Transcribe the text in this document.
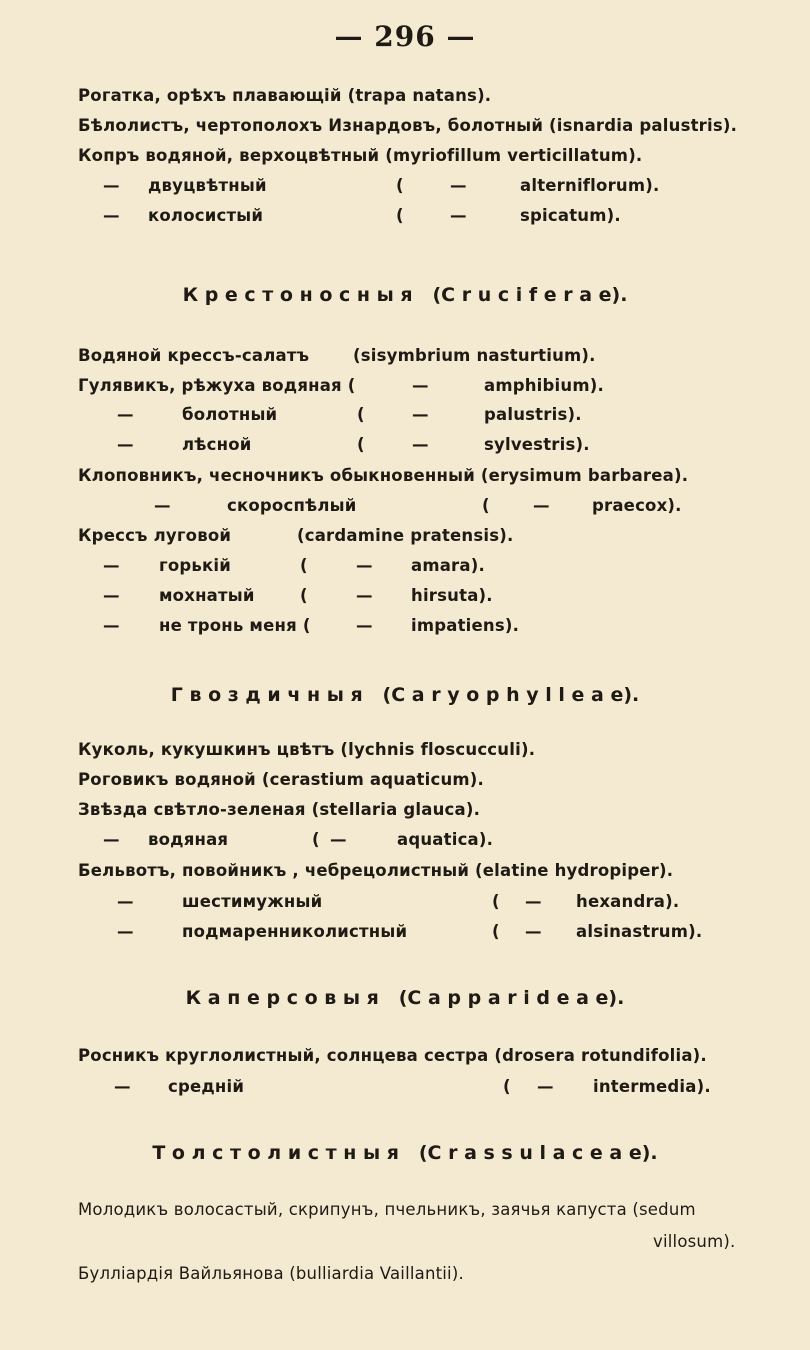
— 296 —
Рогатка, орѣхъ плавающій (trapa natans).
Бѣлолистъ, чертополохъ Изнардовъ, болотный (isnardia palustris).
Копръ водяной, верхоцвѣтный (myriofillum verticillatum).
— двуцвѣтный	(	—	alterniflorum).
— колосистый	(	—	spicatum).
К р е с т о н о с н ы я   (C r u c i f e r a e).
Водяной крессъ-салатъ	(sisymbrium nasturtium).
Гулявикъ, рѣжуха водяная (	—	amphibium).
—	болотный	(	—	palustris).
—	лѣсной	(	—	sylvestris).
Клоповникъ, чесночникъ обыкновенный (erysimum barbarea).
—	скороспѣлый	(	—	praecox).
Крессъ луговой	(cardamine pratensis).
— горькій	(	— amara).
— мохнатый	(	— hirsuta).
— не тронь меня (	— impatiens).
Г в о з д и ч н ы я   (C a r y o p h y l l e a e).
Куколь, кукушкинъ цвѣтъ (lychnis floscucculi).
Роговикъ водяной (cerastium aquaticum).
Звѣзда свѣтло-зеленая (stellaria glauca).
— водяная	( —	aquatica).
Бельвотъ, повойникъ , чебрецолистный (elatine hydropiper).
—	шестимужный	( — hexandra).
—	подмаренниколистный	( — alsinastrum).
К а п е р с о в ы я   (C a p p a r i d e a e).
Росникъ круглолистный, солнцева сестра (drosera rotundifolia).
— средній	( — intermedia).
Т о л с т о л и с т н ы я   (C r a s s u l a c e a e).
Молодикъ волосастый, скрипунъ, пчельникъ, заячья капуста (sedum
villosum).
Булліардія Вайльянова (bulliardia Vaillantii).
